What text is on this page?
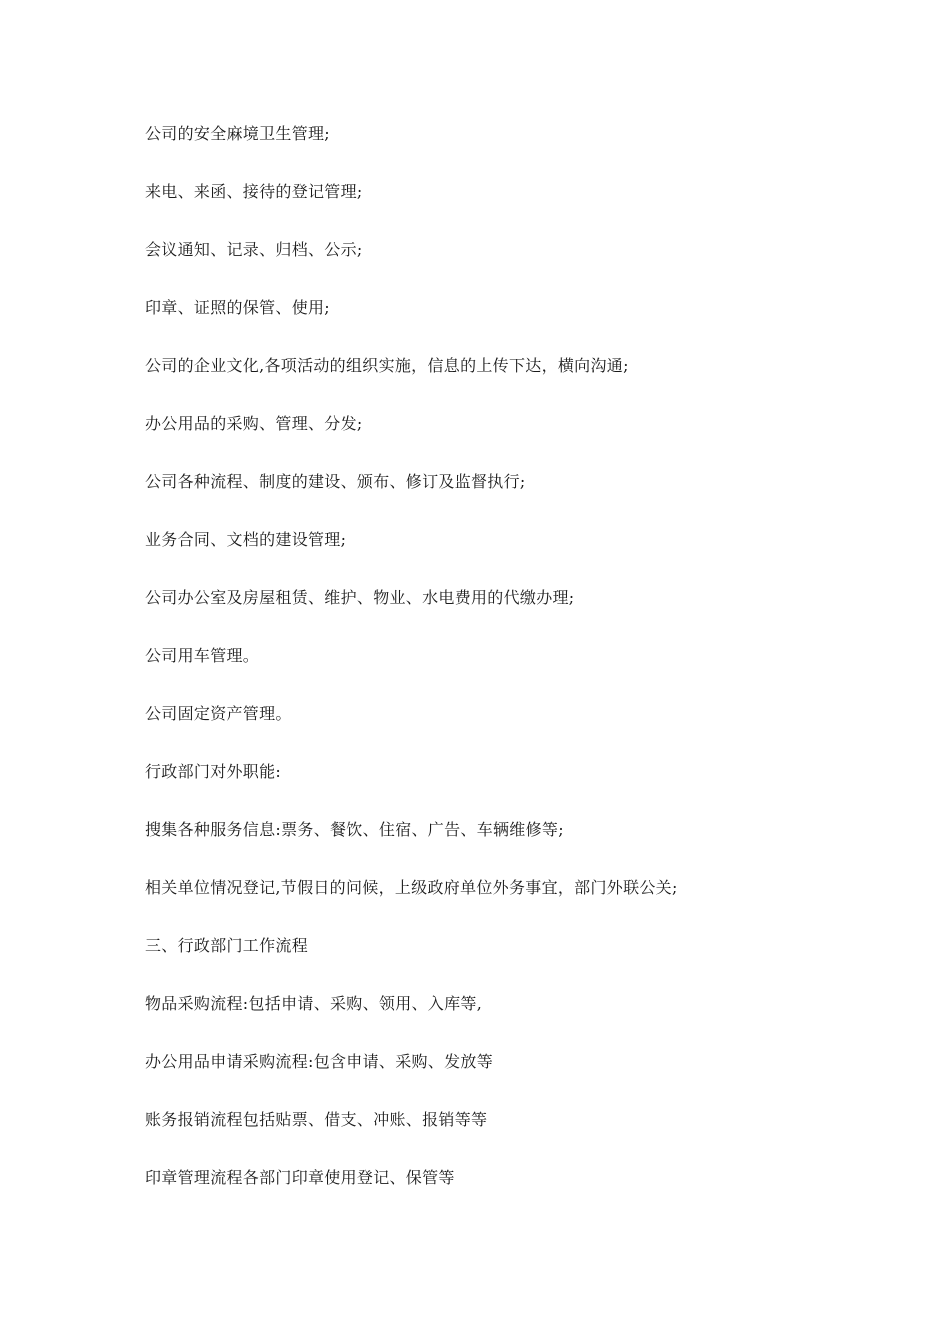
公司的安全麻境卫生管理;

来电、来函、接待的登记管理;

会议通知、记录、归档、公示;

印章、证照的保管、使用;

公司的企业文化,各项活动的组织实施，信息的上传下达，横向沟通;

办公用品的采购、管理、分发;

公司各种流程、制度的建设、颁布、修订及监督执行;

业务合同、文档的建设管理;

公司办公室及房屋租赁、维护、物业、水电费用的代缴办理;

公司用车管理。

公司固定资产管理。

行政部门对外职能:

搜集各种服务信息:票务、餐饮、住宿、广告、车辆维修等;

相关单位情况登记,节假日的问候，上级政府单位外务事宜，部门外联公关;

三、行政部门工作流程

物品采购流程:包括申请、采购、领用、入库等,

办公用品申请采购流程:包含申请、采购、发放等

账务报销流程包括贴票、借支、冲账、报销等等

印章管理流程各部门印章使用登记、保管等
